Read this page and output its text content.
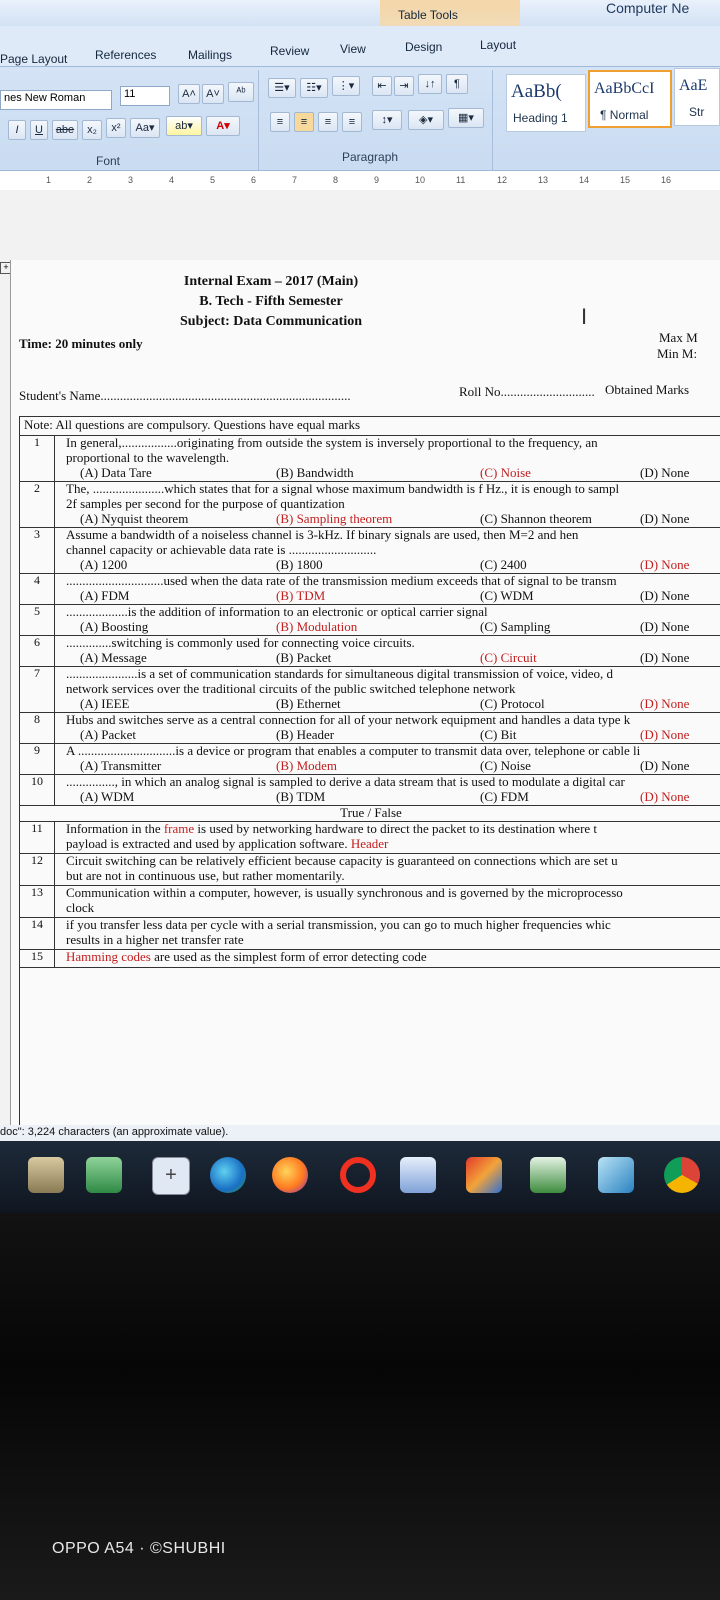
Table Tools	Computer Ne
Page Layout References	Mailings	Review	View	Design	Layout
nes New Roman	11	A˄ A˅	ᴬᵇ
I	U	abe	x₂	x²	Aa▾	ab▾	A▾
Font
☰▾	☷▾	⋮▾	⇤	⇥	↓↑	¶
≡	≡	≡	≡	↕▾	◈▾	▦▾
Paragraph
AaBb(
Heading 1
AaBbCcI
¶ Normal
AaE
Str
1	2	3	4	5	6	7	8	9	10	11	12	13	14	15	16
+
Internal Exam – 2017 (Main)
B. Tech - Fifth Semester
Subject: Data Communication	I
Time: 20 minutes only	Max M
Min M:
Student's Name.............................................................................	Roll No............................. Obtained Marks
Note: All questions are compulsory. Questions have equal marks
1	In general,.................originating from outside the system is inversely proportional to the frequency, an
proportional to the wavelength.
(A) Data Tare	(B) Bandwidth	(C) Noise	(D) None
2	The, ......................which states that for a signal whose maximum bandwidth is f Hz., it is enough to sampl
2f samples per second for the purpose of quantization
(A) Nyquist theorem	(B) Sampling theorem	(C) Shannon theorem	(D) None
3	Assume a bandwidth of a noiseless channel is 3-kHz. If binary signals are used, then M=2 and hen
channel capacity or achievable data rate is ...........................
(A) 1200	(B) 1800	(C) 2400	(D) None
4	..............................used when the data rate of the transmission medium exceeds that of signal to be transm
(A) FDM	(B) TDM	(C) WDM	(D) None
5	...................is the addition of information to an electronic or optical carrier signal
(A) Boosting	(B) Modulation	(C) Sampling	(D) None
6	..............switching is commonly used for connecting voice circuits.
(A) Message	(B) Packet	(C) Circuit	(D) None
7	......................is a set of communication standards for simultaneous digital transmission of voice, video, d
network services over the traditional circuits of the public switched telephone network
(A) IEEE	(B) Ethernet	(C) Protocol	(D) None
8	Hubs and switches serve as a central connection for all of your network equipment and handles a data type k
(A) Packet	(B) Header	(C) Bit	(D) None
9	A ..............................is a device or program that enables a computer to transmit data over, telephone or cable li
(A) Transmitter	(B) Modem	(C) Noise	(D) None
10	..............., in which an analog signal is sampled to derive a data stream that is used to modulate a digital car
(A) WDM	(B) TDM	(C) FDM	(D) None
True / False
11	Information in the frame is used by networking hardware to direct the packet to its destination where t
payload is extracted and used by application software. Header
12	Circuit switching can be relatively efficient because capacity is guaranteed on connections which are set u
but are not in continuous use, but rather momentarily.
13	Communication within a computer, however, is usually synchronous and is governed by the microprocesso
clock
14	if you transfer less data per cycle with a serial transmission, you can go to much higher frequencies whic
results in a higher net transfer rate
15	Hamming codes are used as the simplest form of error detecting code
doc": 3,224 characters (an approximate value).
+
OPPO A54 · ©SHUBHI
